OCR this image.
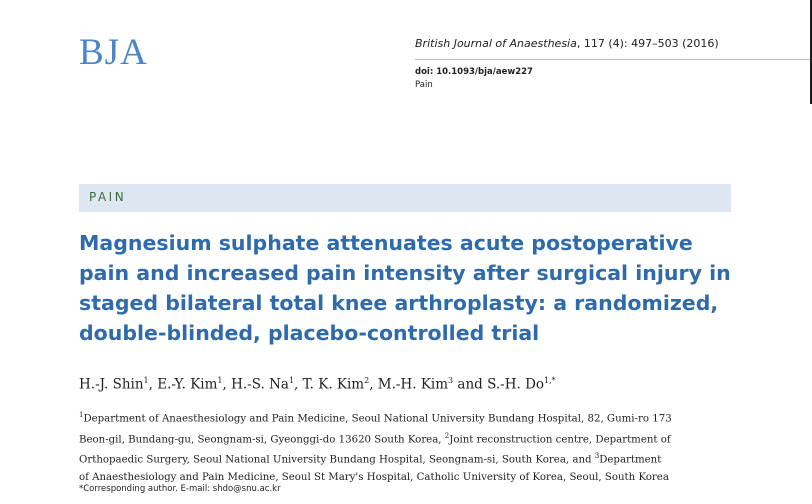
BJA	British Journal of Anaesthesia, 117 (4): 497–503 (2016)
doi: 10.1093/bja/aew227
Pain
PAIN
Magnesium sulphate attenuates acute postoperative
pain and increased pain intensity after surgical injury in
staged bilateral total knee arthroplasty: a randomized,
double-blinded, placebo-controlled trial
H.-J. Shin$^1$, E.-Y. Kim$^1$, H.-S. Na$^1$, T. K. Kim$^2$, M.-H. Kim$^3$ and S.-H. $Do^{1,*}$
$^1$Department of Anaesthesiology and Pain Medicine, Seoul National University Bundang Hospital, 82, Gumi-ro 173
Beon-gil, Bundang-gu, Seongnam-si, Gyeonggi-do 13620 South Korea, $^2$Joint reconstruction centre, Department of
Orthopaedic Surgery, Seoul National University Bundang Hospital, Seongnam-si, South Korea, and $^3$Department
of Anaesthesiology and Pain Medicine, Seoul St Mary's Hospital, Catholic University of Korea, Seoul, South Korea
*Corresponding author. E-mail: shdo@snu.ac.kr
